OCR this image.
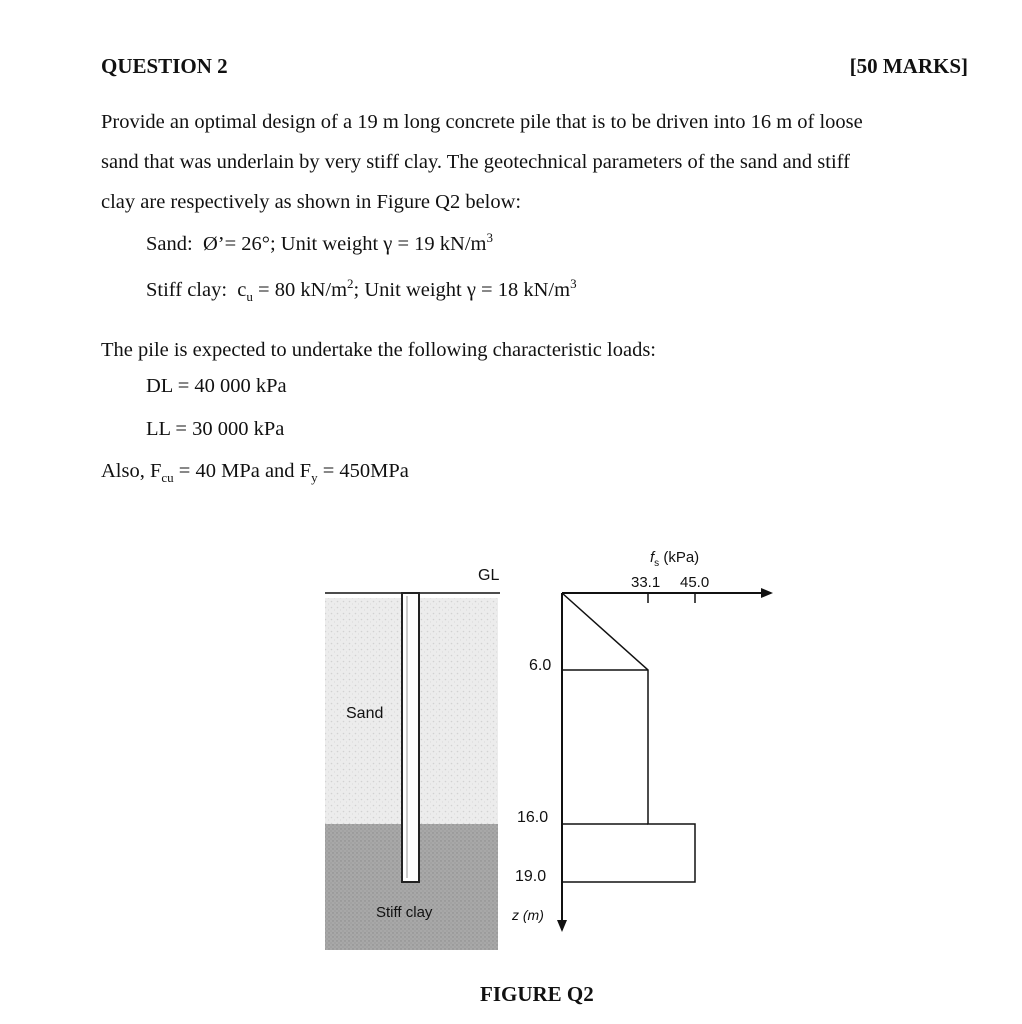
QUESTION 2	[50 MARKS]
Provide an optimal design of a 19 m long concrete pile that is to be driven into 16 m of loose
sand that was underlain by very stiff clay. The geotechnical parameters of the sand and stiff
clay are respectively as shown in Figure Q2 below:
Sand: Ø’= 26°; Unit weight γ = 19 $kN/m^3$
Stiff clay: $c_u = 80$ $kN/m^2$; Unit weight γ = 18 $kN/m^3$
The pile is expected to undertake the following characteristic loads:
DL = 40 000 kPa
LL = 30 000 kPa
Also, $F_{cu} = 40$ MPa and $F_y = 450MPa$
Sand
Stiff clay
GL
$f_s$ (kPa)
33.1 45.0
6.0
16.0
19.0
z (m)
FIGURE Q2
